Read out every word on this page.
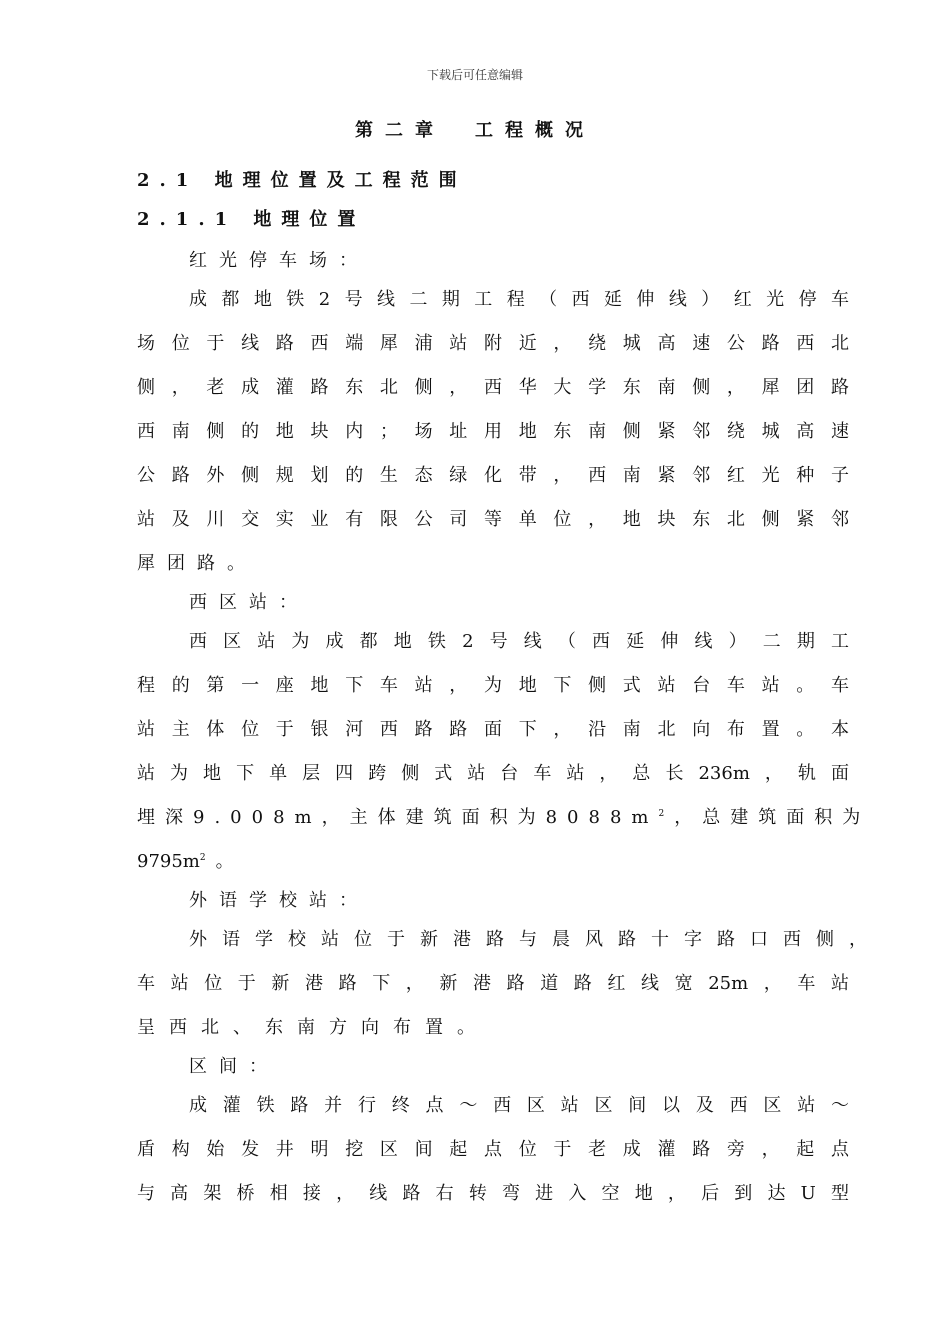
下载后可任意编辑
第二章　工程概况
2.1 地理位置及工程范围
2.1.1 地理位置
红光停车场：
成都地铁2号线二期工程（西延伸线）红光停车
场位于线路西端犀浦站附近，绕城高速公路西北
侧，老成灌路东北侧，西华大学东南侧，犀团路
西南侧的地块内；场址用地东南侧紧邻绕城高速
公路外侧规划的生态绿化带，西南紧邻红光种子
站及川交实业有限公司等单位，地块东北侧紧邻
犀团路。
西区站：
西区站为成都地铁2号线（西延伸线）二期工
程的第一座地下车站，为地下侧式站台车站。车
站主体位于银河西路路面下，沿南北向布置。本
站为地下单层四跨侧式站台车站，总长236m，轨面
埋深9.008m，主体建筑面积为$8088m^2$，总建筑面积为
$9795m^2$ 。
外语学校站：
外语学校站位于新港路与晨风路十字路口西侧，
车站位于新港路下，新港路道路红线宽25m，车站
呈西北、东南方向布置。
区间：
成灌铁路并行终点～西区站区间以及西区站～
盾构始发井明挖区间起点位于老成灌路旁，起点
与高架桥相接，线路右转弯进入空地，后到达U型
